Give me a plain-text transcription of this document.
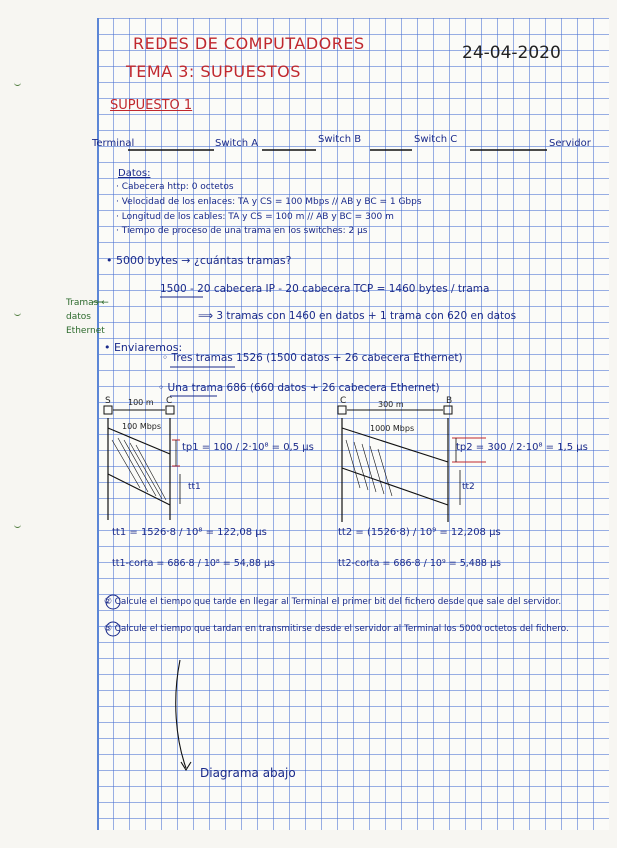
REDES DE COMPUTADORES
TEMA 3: SUPUESTOS
24-04-2020
SUPUESTO 1
Terminal	Switch A	Switch B	Switch C	Servidor
Datos:
· Cabecera http: 0 octetos
· Velocidad de los enlaces: TA y CS = 100 Mbps // AB y BC = 1 Gbps
· Longitud de los cables: TA y CS = 100 m // AB y BC = 300 m
· Tiempo de proceso de una trama en los switches: 2 μs
• 5000 bytes → ¿cuántas tramas?
1500 - 20 cabecera IP - 20 cabecera TCP = 1460 bytes / trama
Tramas ← datos Ethernet
⟹ 3 tramas con 1460 en datos + 1 trama con 620 en datos
• Enviaremos:
◦ Tres tramas 1526 (1500 datos + 26 cabecera Ethernet)
◦ Una trama 686 (660 datos + 26 cabecera Ethernet)
S	C
100 m
100 Mbps
tp1 = 100 / 2·10⁸ = 0,5 μs
tt1
tt1 = 1526·8 / 10⁸ = 122,08 μs
tt1-corta = 686·8 / 10⁸ = 54,88 μs
C	B
300 m
1000 Mbps
tp2 = 300 / 2·10⁸ = 1,5 μs
tt2
tt2 = (1526·8) / 10⁹ = 12,208 μs
tt2-corta = 686·8 / 10⁹ = 5,488 μs
② Calcule el tiempo que tarde en llegar al Terminal el primer bit del fichero desde que sale del servidor.
③ Calcule el tiempo que tardan en transmitirse desde el servidor al Terminal los 5000 octetos del fichero.
Diagrama abajo
